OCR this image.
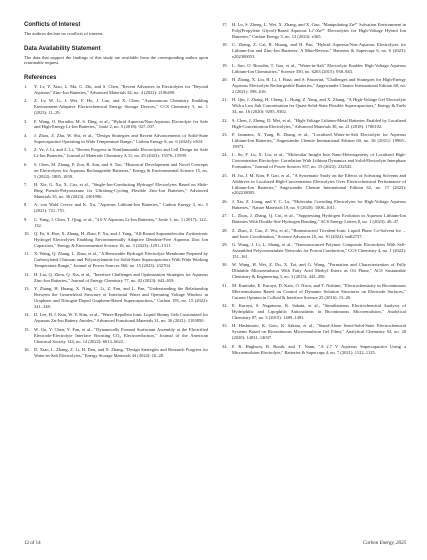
Conflicts of Interest

The authors declare no conflicts of interest.

Data Availability Statement

The data that support the findings of this study are available from the corresponding author upon reasonable request.

References
1. Y. Lv, Y. Xiao, L. Ma, C. Zhi, and S. Chen, "Recent Advances in Electrolytes for "Beyond Aqueous" Zinc-Ion Batteries," Advanced Materials 34, no. 4 (2022): 2106409.
2. Z. Lv, W. Li, J. Wei, F. Ho, J. Cao, and X. Chen, "Autonomous Chemistry Enabling Environment-Adaptive Electrochemical Energy Storage Devices," CCS Chemistry 5, no. 1 (2023): 11–29.
3. F. Wang, O. Borodin, M. S. Ding, et al., "Hybrid Aqueous/Non-Aqueous Electrolyte for Safe and High-Energy Li-Ion Batteries," Joule 2, no. 5 (2018): 927–937.
4. J. Zhou, Z. Zhu, W. Shi, et al., "Design Strategies and Recent Advancements of Solid-State Supercapacitor Operating in Wide Temperature Range," Carbon Energy 6, no. 6 (2024): e504.
5. Z. Ye, J. Li, and Z. Li, "Recent Progress in Nonflammable Electrolytes and Cell Design for Safe Li-Ion Batteries," Journal of Materials Chemistry A 11, no. 29 (2023): 15576–15599.
6. S. Chen, M. Zhang, P. Zou, B. Sun, and S. Tao, "Historical Development and Novel Concepts on Electrolytes for Aqueous Rechargeable Batteries," Energy & Environmental Science 15, no. 5 (2022): 1805–1839.
7. H. Xie, G. Xu, X. Cao, et al., "Single-Ion-Conducting Hydrogel Electrolytes Based on Slide-Ring Pseudo-Polyrotaxane for Ultralong-Cycling Flexible Zinc-Ion Batteries," Advanced Materials 35, no. 36 (2023): 2301996.
8. A. von Wald Cresce and K. Xu, "Aqueous Lithium-Ion Batteries," Carbon Energy 3, no. 5 (2021): 721–751.
9. C. Yang, J. Chen, T. Qing, et al., "4.0 V Aqueous Li-Ion Batteries," Joule 1, no. 1 (2017): 122–132.
10. Q. Fu, S. Hao, X. Zhang, H. Zhao, F. Xu, and J. Yang, "All-Round Supramolecular Zwitterionic Hydrogel Electrolytes Enabling Environmentally Adaptive Dendrite-Free Aqueous Zinc Ion Capacitors," Energy & Environmental Science 16, no. 3 (2023): 1291–1311.
11. X. Wang, Q. Zhang, L. Zhao, et al., "A Renewable Hydrogel Electrolyte Membrane Prepared by Carboxylated Chitosan and Polyacrylamide for Solid-State Supercapacitors With Wide Working Temperature Range," Journal of Power Sources 560, no. 15 (2023): 232704.
12. H. Liu, Q. Zhou, Q. Xia, et al., "Interface Challenges and Optimization Strategies for Aqueous Zinc-Ion Batteries," Journal of Energy Chemistry 77, no. 02 (2023): 642–659.
13. Y. Zhang, H. Huang, X. Ning, C. Li, Z. Fan, and L. Pan, "Understanding the Relationship Between the Geometrical Structure of Interfacial Water and Operating Voltage Window in Graphene and Nitrogen-Doped Graphene-Based Supercapacitors," Carbon 195, no. 15 (2022): 341–348.
14. D. Lee, H. I. Kim, W. Y. Kim, et al., "Water-Repellent Ionic Liquid Skinny Gels Customized for Aqueous Zn-Ion Battery Anodes," Advanced Functional Materials 31, no. 36 (2021): 2103850.
15. W. Gu, Y. Chen, Y. Fan, et al., "Dynamically Formed Surfactant Assembly at the Electrified Electrode-Electrolyte Interface Boosting CO₂ Electroreduction," Journal of the American Chemical Society 144, no. 14 (2022): 6613–6622.
16. D. Xiao, L. Zhang, Z. Li, H. Dou, and X. Zhang, "Design Strategies and Research Progress for Water-in-Salt Electrolytes," Energy Storage Materials 44 (2022): 10–28.
17. H. Lu, S. Zheng, L. Wei, X. Zhang, and X. Guo, "Manipulating Zn²⁺ Solvation Environment in Poly(Propylene Glycol)-Based Aqueous Li⁺/Zn²⁺ Electrolytes for High-Voltage Hybrid Ion Batteries," Carbon Energy 5, no. 12 (2023): e365.
18. C. Zhang, Z. Cai, R. Huang, and H. Pan, "Hybrid Aqueous/Non-Aqueous Electrolytes for Lithium-Ion and Zinc-Ion Batteries: A Mini-Review," Batteries & Supercaps 6, no. 6 (2023): e202300053.
19. L. Suo, O. Borodin, T. Gao, et al., "Water-in-Salt" Electrolyte Enables High-Voltage Aqueous Lithium-Ion Chemistries," Science 350, no. 6263 (2015): 938–943.
20. H. Zhang, X. Liu, H. Li, I. Hasa, and S. Passerini, "Challenges and Strategies for High-Energy Aqueous Electrolyte Rechargeable Batteries," Angewandte Chemie International Edition 60, no. 2 (2021): 598–616.
21. H. Qin, J. Zhang, H. Cheng, L. Hong, Z. Yang, and X. Zhang, "A High-Voltage Gel Electrolyte With a Low Salt Concentration for Quasi-Solid-State Flexible Supercapacitors," Energy & Fuels 34, no. 16 (2020): 9295–9302.
22. S. Chen, J. Zheng, D. Mei, et al., "High-Voltage Lithium-Metal Batteries Enabled by Localized High-Concentration Electrolytes," Advanced Materials 30, no. 21 (2018): 1706102.
23. F. Jaumaux, X. Yang, B. Zhang, et al., "Localized Water-in-Salt Electrolyte for Aqueous Lithium-Ion Batteries," Angewandte Chemie International Edition 60, no. 36 (2021): 19965–19973.
24. L. Su, F. Lu, X. Liu, et al., "Molecular Insight Into Nano-Heterogeneity of Localized High-Concentration Electrolyte: Correlation With Lithium Dynamics and Solid-Electrolyte Interphase Formation," Journal of Power Sources 557, no. 15 (2023): 232545.
25. H. Jia, J. M. Kim, P. Gao, et al., "A Systematic Study on the Effects of Solvating Solvents and Additives in Localized High-Concentration Electrolytes Over Electrochemical Performance of Lithium-Ion Batteries," Angewandte Chemie International Edition 62, no. 17 (2023): e202218005.
26. J. Xie, Z. Liang, and Y. C. Lu, "Molecular Crowding Electrolytes for High-Voltage Aqueous Batteries," Nature Materials 19, no. 9 (2020): 1006–1011.
27. L. Zhou, J. Zhang, Q. Cui, et al., "Suppressing Hydrogen Evolution in Aqueous Lithium-Ion Batteries With Double-Site Hydrogen Bonding," ACS Energy Letters 8, no. 1 (2023): 40–47.
28. Z. Zhao, Z. Cao, Z. Wu, et al., "Bioinstructed Trivalent-Ionic Liquid Phase Co-Solvent for ... and Ionic Coordination," Science Advances 10, no. 10 (2024): eadl2737.
29. G. Wang, J. Li, L. Shang, et al., "Nanostructured Polymer Composite Electrolytes With Self-Assembled Polyoxometalate Networks for Proton Conduction," CCS Chemistry 4, no. 1 (2022): 151–161.
30. W. Wang, H. Wei, Z. Du, X. Tai, and G. Wang, "Formation and Characterization of Fully Dilutable Microemulsion With Fatty Acid Methyl Esters as Oil Phase," ACS Sustainable Chemistry & Engineering 3, no. 3 (2015): 443–450.
31. M. Kunitake, E. Kuraya, D. Kato, O. Niwa, and T. Nishimi, "Electrochemistry in Bicontinuous Microemulsions Based on Control of Dynamic Solution Structures on Electrode Surfaces," Current Opinion in Colloid & Interface Science 25 (2016): 13–26.
32. E. Kuraya, S. Nagatomo, K. Sakata, et al., "Simultaneous Electrochemical Analysis of Hydrophilic and Lipophilic Antioxidants in Bicontinuous Microemulsion," Analytical Chemistry 87, no. 3 (2015): 1489–1493.
33. H. Hashimoto, K. Goto, K. Sakata, et al., "Stand-Alone Semi-Solid-State Electrochemical Systems Based on Bicontinuous Microemulsion Gel Films," Analytical Chemistry 92, no. 20 (2020): 14031–14037.
34. F. R. Hughson, R. Borah, and T. Nann, "A 2.7 V Aqueous Supercapacitor Using a Microemulsion Electrolyte," Batteries & Supercaps 4, no. 7 (2021): 1122–1125.
12 of 14	Carbon Energy, 2025
